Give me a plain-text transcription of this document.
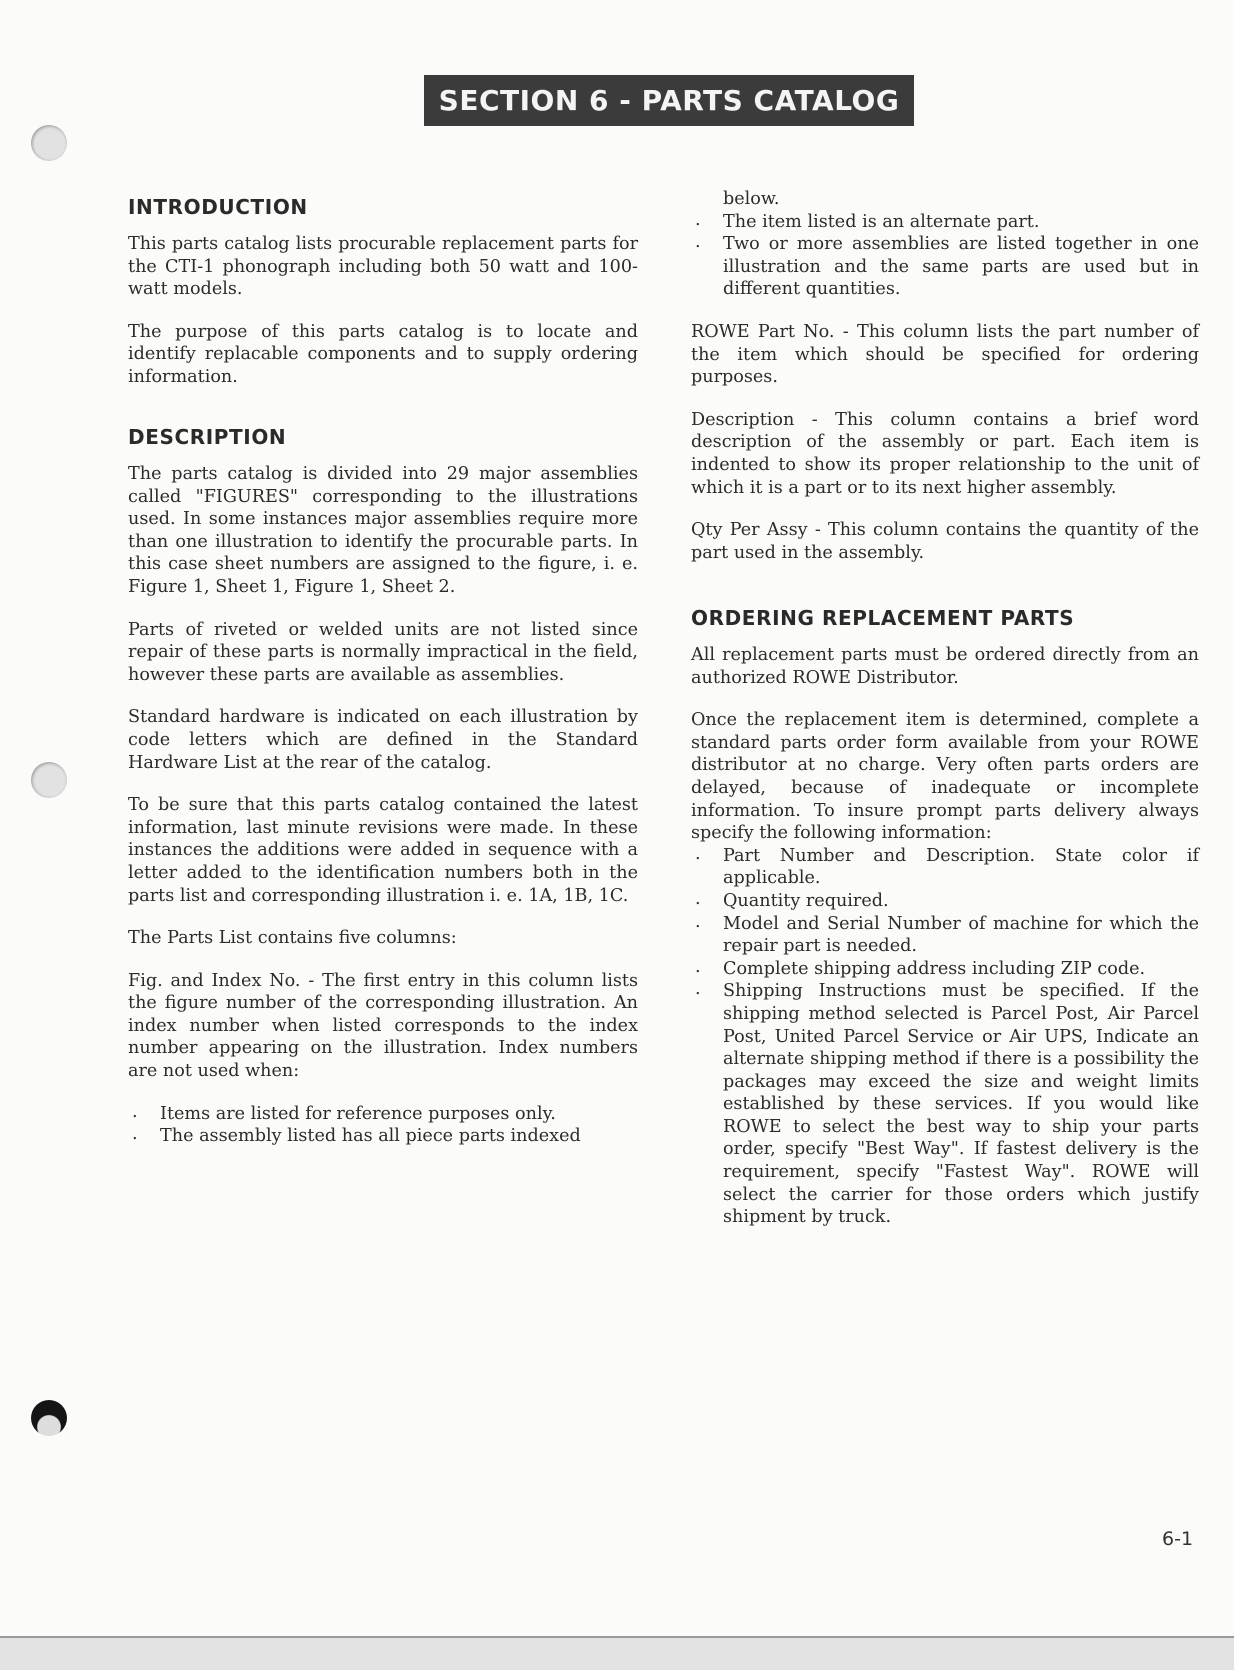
SECTION 6 - PARTS CATALOG
INTRODUCTION

This parts catalog lists procurable replacement parts for the CTI-1 phonograph including both 50 watt and 100-watt models.

The purpose of this parts catalog is to locate and identify replacable components and to supply ordering information.

DESCRIPTION

The parts catalog is divided into 29 major assemblies called "FIGURES" corresponding to the illustrations used. In some instances major assemblies require more than one illustration to identify the procurable parts. In this case sheet numbers are assigned to the figure, i. e. Figure 1, Sheet 1, Figure 1, Sheet 2.

Parts of riveted or welded units are not listed since repair of these parts is normally impractical in the field, however these parts are available as assemblies.

Standard hardware is indicated on each illustration by code letters which are defined in the Standard Hardware List at the rear of the catalog.

To be sure that this parts catalog contained the latest information, last minute revisions were made. In these instances the additions were added in sequence with a letter added to the identification numbers both in the parts list and corresponding illustration i. e. 1A, 1B, 1C.

The Parts List contains five columns:

Fig. and Index No. - The first entry in this column lists the figure number of the corresponding illustration. An index number when listed corresponds to the index number appearing on the illustration. Index numbers are not used when:

. Items are listed for reference purposes only.
. The assembly listed has all piece parts indexed

below.

. The item listed is an alternate part.
. Two or more assemblies are listed together in one illustration and the same parts are used but in different quantities.

ROWE Part No. - This column lists the part number of the item which should be specified for ordering purposes.

Description - This column contains a brief word description of the assembly or part. Each item is indented to show its proper relationship to the unit of which it is a part or to its next higher assembly.

Qty Per Assy - This column contains the quantity of the part used in the assembly.

ORDERING REPLACEMENT PARTS

All replacement parts must be ordered directly from an authorized ROWE Distributor.

Once the replacement item is determined, complete a standard parts order form available from your ROWE distributor at no charge. Very often parts orders are delayed, because of inadequate or incomplete information. To insure prompt parts delivery always specify the following information:

. Part Number and Description. State color if applicable.
. Quantity required.
. Model and Serial Number of machine for which the repair part is needed.
. Complete shipping address including ZIP code.
. Shipping Instructions must be specified. If the shipping method selected is Parcel Post, Air Parcel Post, United Parcel Service or Air UPS, Indicate an alternate shipping method if there is a possibility the packages may exceed the size and weight limits established by these services. If you would like ROWE to select the best way to ship your parts order, specify "Best Way". If fastest delivery is the requirement, specify "Fastest Way". ROWE will select the carrier for those orders which justify shipment by truck.
6-1
